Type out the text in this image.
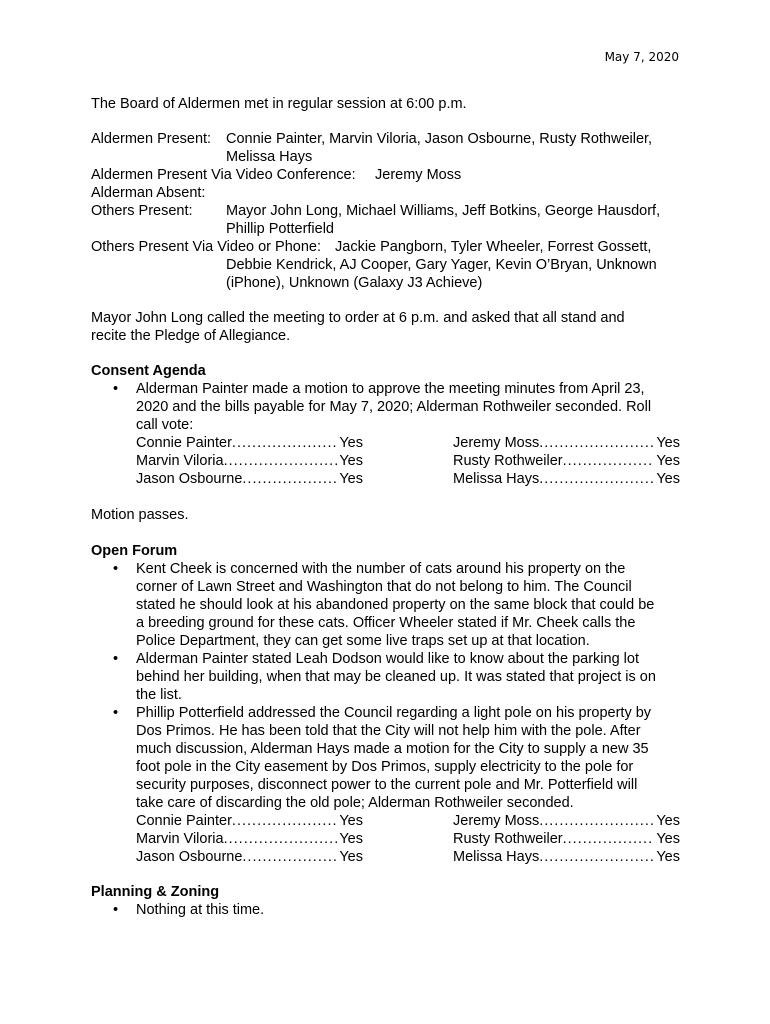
May 7, 2020

The Board of Aldermen met in regular session at 6:00 p.m.

Aldermen Present: Connie Painter, Marvin Viloria, Jason Osbourne, Rusty Rothweiler,
Melissa Hays
Aldermen Present Via Video Conference: Jeremy Moss
Alderman Absent:
Others Present: Mayor John Long, Michael Williams, Jeff Botkins, George Hausdorf,
Phillip Potterfield
Others Present Via Video or Phone: Jackie Pangborn, Tyler Wheeler, Forrest Gossett,
Debbie Kendrick, AJ Cooper, Gary Yager, Kevin O’Bryan, Unknown
(iPhone), Unknown (Galaxy J3 Achieve)
Mayor John Long called the meeting to order at 6 p.m. and asked that all stand and
recite the Pledge of Allegiance.
Consent Agenda
• Alderman Painter made a motion to approve the meeting minutes from April 23,
2020 and the bills payable for May 7, 2020; Alderman Rothweiler seconded. Roll
call vote:
Connie Painter .....	Yes	Jeremy Moss .....	Yes
Marvin Viloria .....	Yes	Rusty Rothweiler .....	Yes
Jason Osbourne .....	Yes	Melissa Hays .....	Yes
Motion passes.
Open Forum
• Kent Cheek is concerned with the number of cats around his property on the
corner of Lawn Street and Washington that do not belong to him. The Council
stated he should look at his abandoned property on the same block that could be
a breeding ground for these cats. Officer Wheeler stated if Mr. Cheek calls the
Police Department, they can get some live traps set up at that location.
• Alderman Painter stated Leah Dodson would like to know about the parking lot
behind her building, when that may be cleaned up. It was stated that project is on
the list.
• Phillip Potterfield addressed the Council regarding a light pole on his property by
Dos Primos. He has been told that the City will not help him with the pole. After
much discussion, Alderman Hays made a motion for the City to supply a new 35
foot pole in the City easement by Dos Primos, supply electricity to the pole for
security purposes, disconnect power to the current pole and Mr. Potterfield will
take care of discarding the old pole; Alderman Rothweiler seconded.
Connie Painter .....	Yes	Jeremy Moss .....	Yes
Marvin Viloria .....	Yes	Rusty Rothweiler .....	Yes
Jason Osbourne .....	Yes	Melissa Hays .....	Yes
Planning & Zoning
• Nothing at this time.
